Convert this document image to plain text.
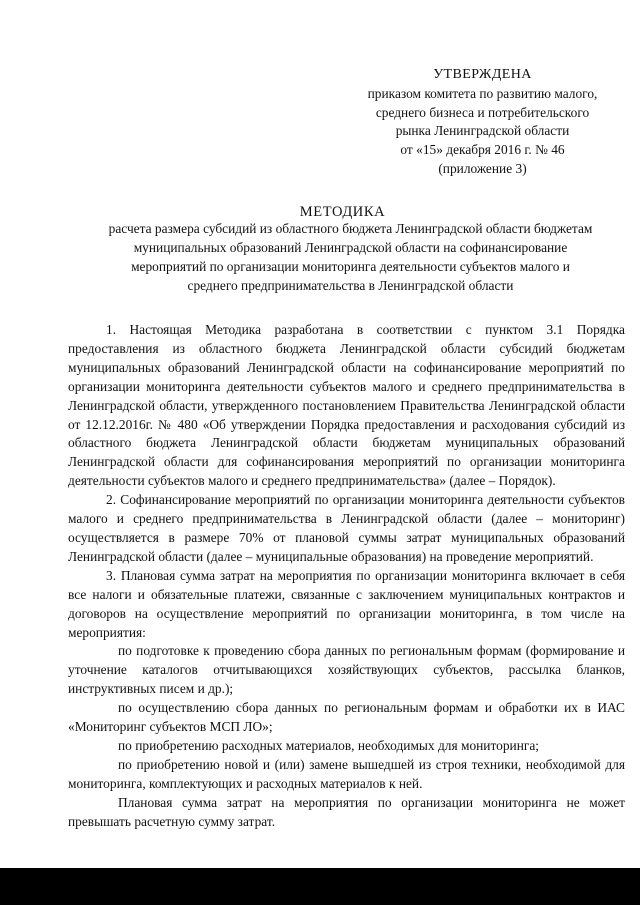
УТВЕРЖДЕНА
приказом комитета по развитию малого,
среднего бизнеса и потребительского
рынка Ленинградской области
от «15» декабря 2016 г. № 46
(приложение 3)
МЕТОДИКА
расчета размера субсидий из областного бюджета Ленинградской области бюджетам
муниципальных образований Ленинградской области на софинансирование
мероприятий по организации мониторинга деятельности субъектов малого и
среднего предпринимательства в Ленинградской области

1. Настоящая Методика разработана в соответствии с пунктом 3.1 Порядка предоставления из областного бюджета Ленинградской области субсидий бюджетам муниципальных образований Ленинградской области на софинансирование мероприятий по организации мониторинга деятельности субъектов малого и среднего предпринимательства в Ленинградской области, утвержденного постановлением Правительства Ленинградской области от 12.12.2016г. № 480 «Об утверждении Порядка предоставления и расходования субсидий из областного бюджета Ленинградской области бюджетам муниципальных образований Ленинградской области для софинансирования мероприятий по организации мониторинга деятельности субъектов малого и среднего предпринимательства» (далее – Порядок).

2. Софинансирование мероприятий по организации мониторинга деятельности субъектов малого и среднего предпринимательства в Ленинградской области (далее – мониторинг) осуществляется в размере 70% от плановой суммы затрат муниципальных образований Ленинградской области (далее – муниципальные образования) на проведение мероприятий.

3. Плановая сумма затрат на мероприятия по организации мониторинга включает в себя все налоги и обязательные платежи, связанные с заключением муниципальных контрактов и договоров на осуществление мероприятий по организации мониторинга, в том числе на мероприятия:

по подготовке к проведению сбора данных по региональным формам (формирование и уточнение каталогов отчитывающихся хозяйствующих субъектов, рассылка бланков, инструктивных писем и др.);

по осуществлению сбора данных по региональным формам и обработки их в ИАС «Мониторинг субъектов МСП ЛО»;

по приобретению расходных материалов, необходимых для мониторинга;

по приобретению новой и (или) замене вышедшей из строя техники, необходимой для мониторинга, комплектующих и расходных материалов к ней.

Плановая сумма затрат на мероприятия по организации мониторинга не может превышать расчетную сумму затрат.
